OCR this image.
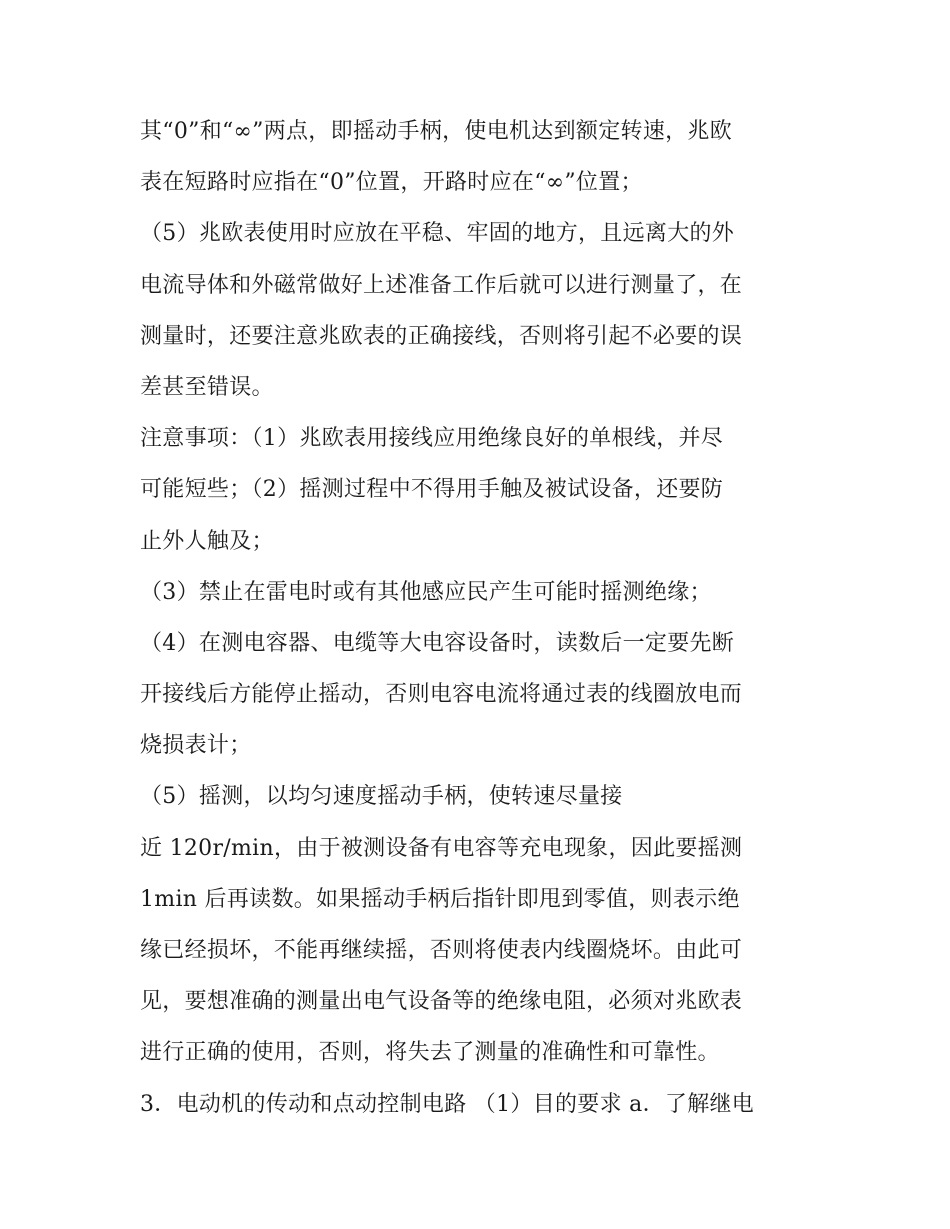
其“0”和“∞”两点，即摇动手柄，使电机达到额定转速，兆欧
表在短路时应指在“0”位置，开路时应在“∞”位置；
（5）兆欧表使用时应放在平稳、牢固的地方，且远离大的外
电流导体和外磁常做好上述准备工作后就可以进行测量了，在
测量时，还要注意兆欧表的正确接线，否则将引起不必要的误
差甚至错误。
注意事项：（1）兆欧表用接线应用绝缘良好的单根线，并尽
可能短些；（2）摇测过程中不得用手触及被试设备，还要防
止外人触及；
（3）禁止在雷电时或有其他感应民产生可能时摇测绝缘；
（4）在测电容器、电缆等大电容设备时，读数后一定要先断
开接线后方能停止摇动，否则电容电流将通过表的线圈放电而
烧损表计；
（5）摇测，以均匀速度摇动手柄，使转速尽量接
近 120r/min，由于被测设备有电容等充电现象，因此要摇测
1min 后再读数。如果摇动手柄后指针即甩到零值，则表示绝
缘已经损坏，不能再继续摇，否则将使表内线圈烧坏。由此可
见，要想准确的测量出电气设备等的绝缘电阻，必须对兆欧表
进行正确的使用，否则，将失去了测量的准确性和可靠性。
3．电动机的传动和点动控制电路 （1）目的要求 a．了解继电
